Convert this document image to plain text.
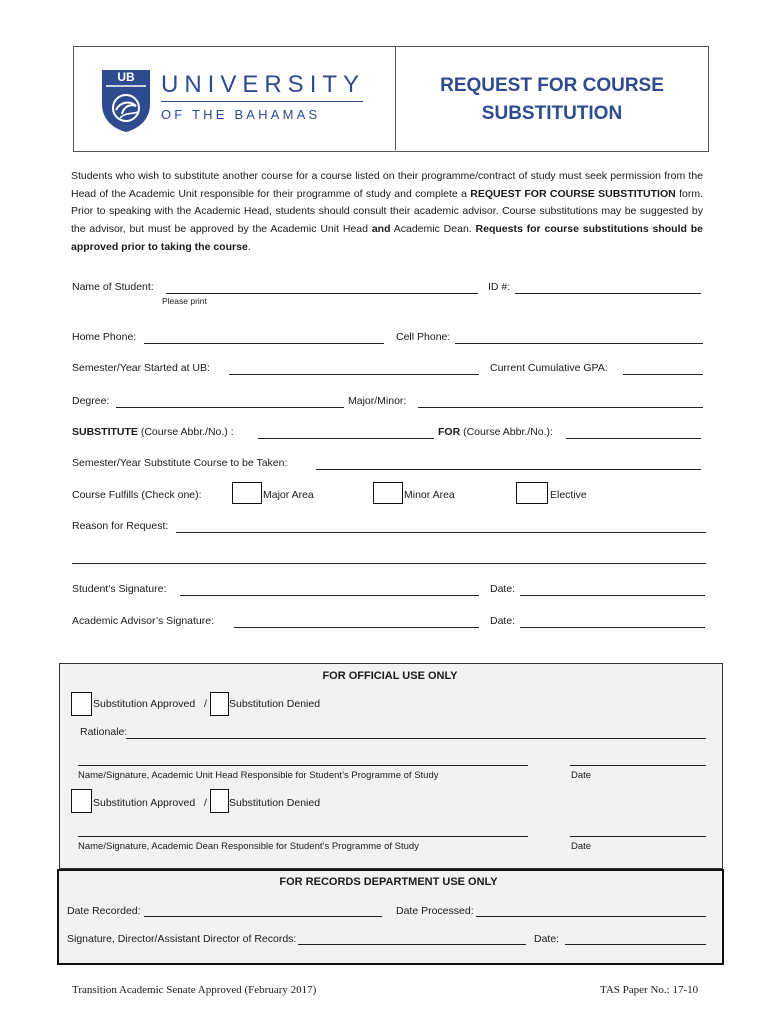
UB	UNIVERSITY
OF THE BAHAMAS
REQUEST FOR COURSE
SUBSTITUTION
Students who wish to substitute another course for a course listed on their programme/contract of study must seek permission from the Head of the Academic Unit responsible for their programme of study and complete a REQUEST FOR COURSE SUBSTITUTION form. Prior to speaking with the Academic Head, students should consult their academic advisor. Course substitutions may be suggested by the advisor, but must be approved by the Academic Unit Head and Academic Dean. Requests for course substitutions should be approved prior to taking the course.
Name of Student:
Please print
ID #:
Home Phone:	Cell Phone:
Semester/Year Started at UB:	Current Cumulative GPA:
Degree:	Major/Minor:
SUBSTITUTE (Course Abbr./No.) :	FOR (Course Abbr./No.):
Semester/Year Substitute Course to be Taken:
Course Fulfills (Check one):	Major Area	Minor Area	Elective
Reason for Request:
Student’s Signature:	Date:
Academic Advisor’s Signature:	Date:
FOR OFFICIAL USE ONLY
Substitution Approved / Substitution Denied
Rationale:
Name/Signature, Academic Unit Head Responsible for Student’s Programme of Study	Date
Substitution Approved / Substitution Denied
Name/Signature, Academic Dean Responsible for Student’s Programme of Study	Date
FOR RECORDS DEPARTMENT USE ONLY
Date Recorded:	Date Processed:
Signature, Director/Assistant Director of Records:	Date:
Transition Academic Senate Approved (February 2017)	TAS Paper No.: 17-10
